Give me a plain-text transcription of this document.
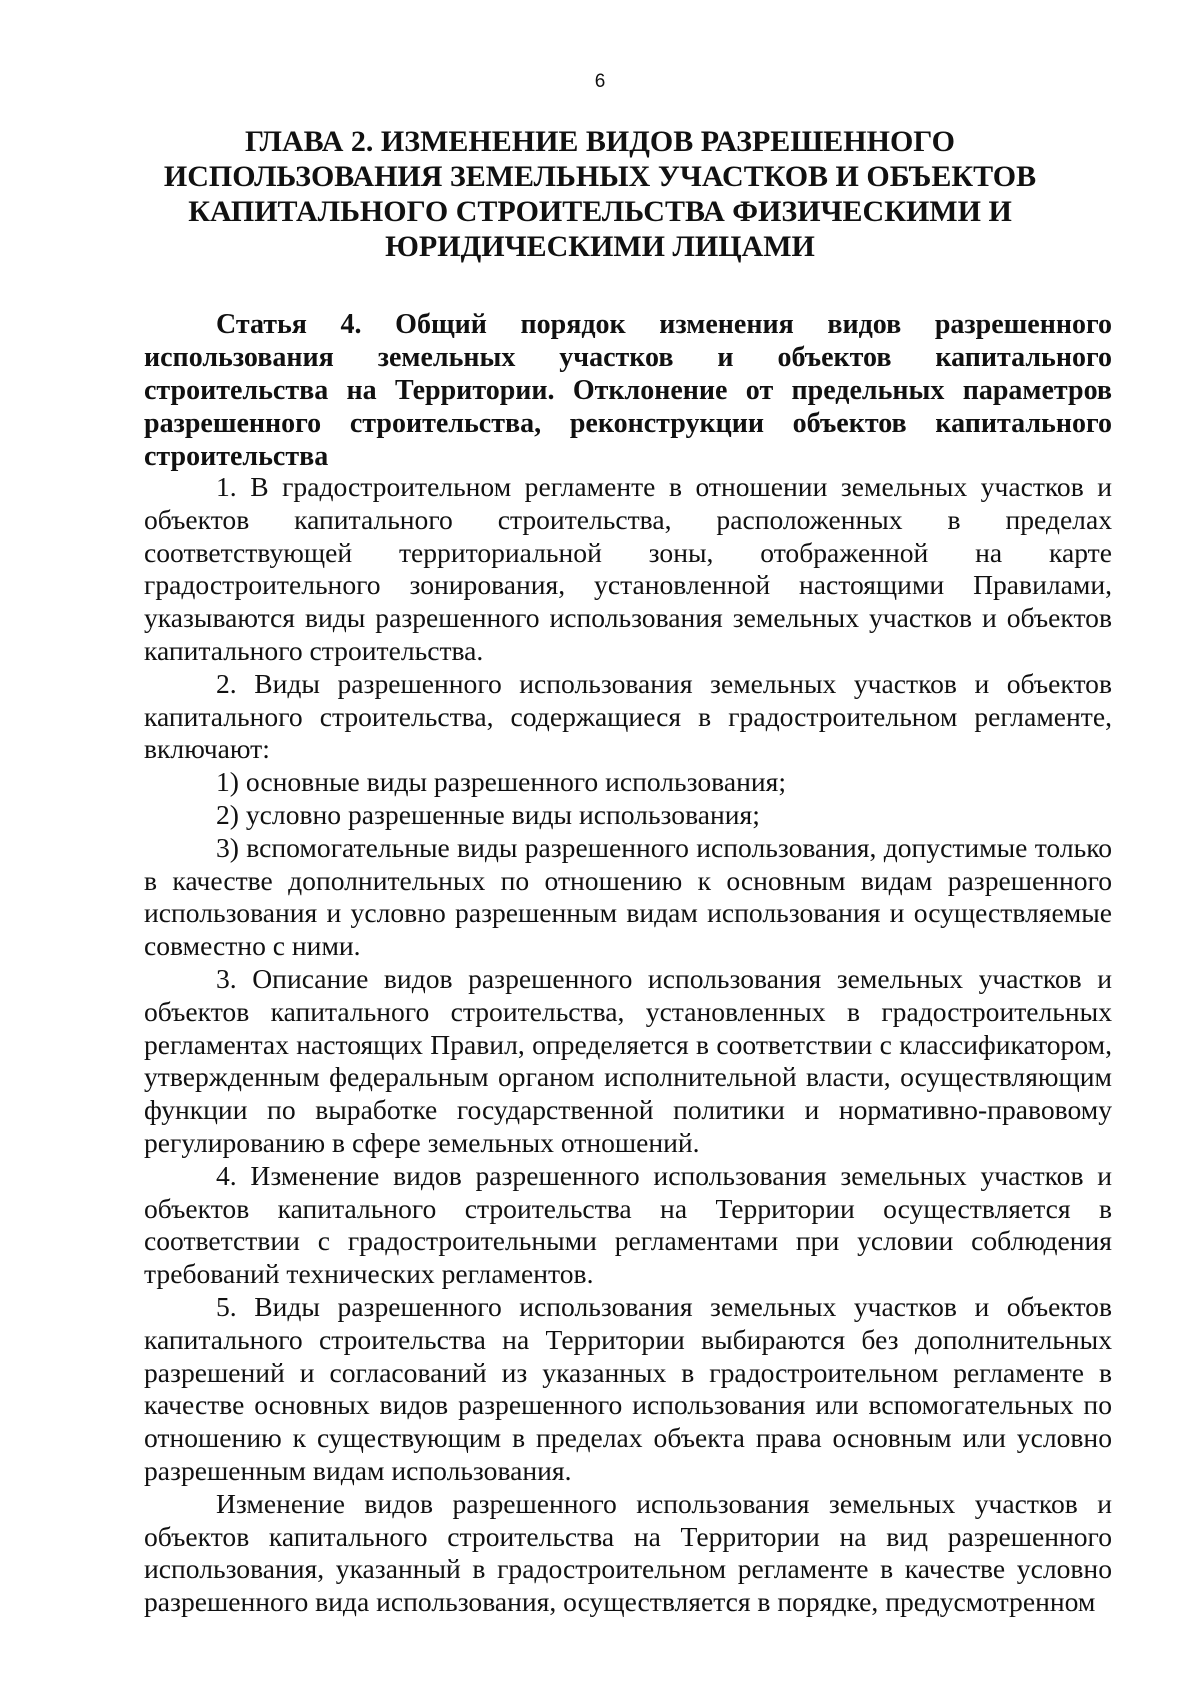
6
ГЛАВА 2. ИЗМЕНЕНИЕ ВИДОВ РАЗРЕШЕННОГО ИСПОЛЬЗОВАНИЯ ЗЕМЕЛЬНЫХ УЧАСТКОВ И ОБЪЕКТОВ КАПИТАЛЬНОГО СТРОИТЕЛЬСТВА ФИЗИЧЕСКИМИ И ЮРИДИЧЕСКИМИ ЛИЦАМИ
Статья 4. Общий порядок изменения видов разрешенного использования земельных участков и объектов капитального строительства на Территории. Отклонение от предельных параметров разрешенного строительства, реконструкции объектов капитального строительства

1. В градостроительном регламенте в отношении земельных участков и объектов капитального строительства, расположенных в пределах соответствующей территориальной зоны, отображенной на карте градостроительного зонирования, установленной настоящими Правилами, указываются виды разрешенного использования земельных участков и объектов капитального строительства.

2. Виды разрешенного использования земельных участков и объектов капитального строительства, содержащиеся в градостроительном регламенте, включают:

1) основные виды разрешенного использования;

2) условно разрешенные виды использования;

3) вспомогательные виды разрешенного использования, допустимые только в качестве дополнительных по отношению к основным видам разрешенного использования и условно разрешенным видам использования и осуществляемые совместно с ними.

3. Описание видов разрешенного использования земельных участков и объектов капитального строительства, установленных в градостроительных регламентах настоящих Правил, определяется в соответствии с классификатором, утвержденным федеральным органом исполнительной власти, осуществляющим функции по выработке государственной политики и нормативно-правовому регулированию в сфере земельных отношений.

4. Изменение видов разрешенного использования земельных участков и объектов капитального строительства на Территории осуществляется в соответствии с градостроительными регламентами при условии соблюдения требований технических регламентов.

5. Виды разрешенного использования земельных участков и объектов капитального строительства на Территории выбираются без дополнительных разрешений и согласований из указанных в градостроительном регламенте в качестве основных видов разрешенного использования или вспомогательных по отношению к существующим в пределах объекта права основным или условно разрешенным видам использования.

Изменение видов разрешенного использования земельных участков и объектов капитального строительства на Территории на вид разрешенного использования, указанный в градостроительном регламенте в качестве условно разрешенного вида использования, осуществляется в порядке, предусмотренном
